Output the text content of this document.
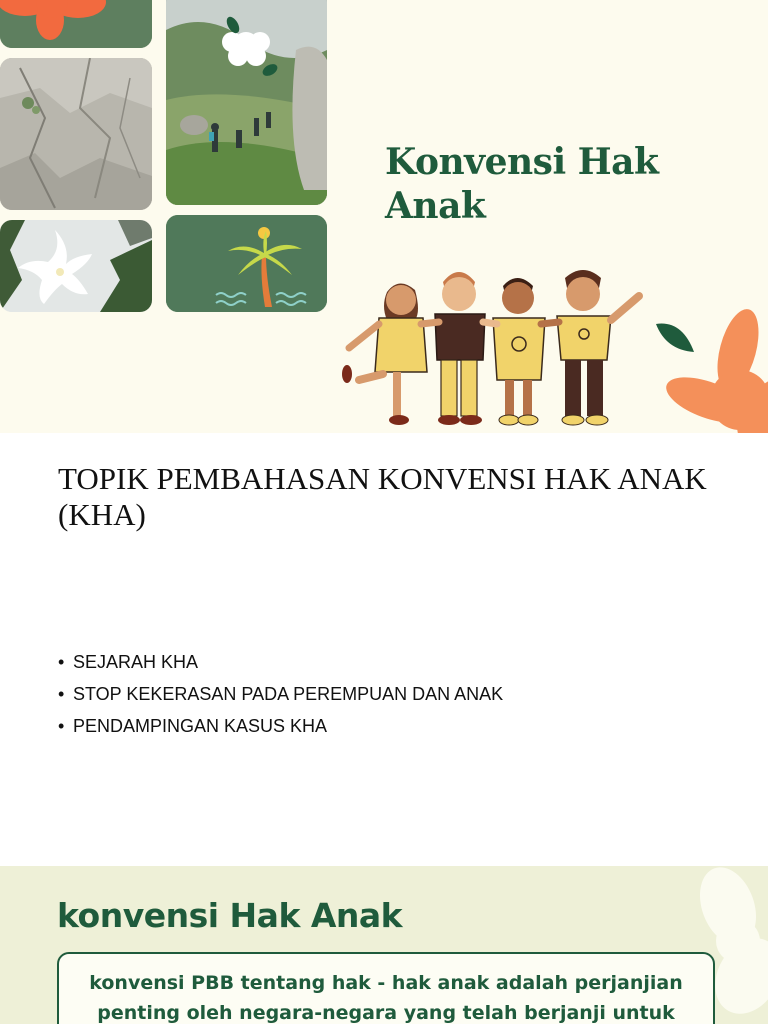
Konvensi Hak Anak
TOPIK PEMBAHASAN KONVENSI HAK ANAK (KHA)
• SEJARAH KHA
• STOP KEKERASAN PADA PEREMPUAN DAN ANAK
• PENDAMPINGAN KASUS KHA
konvensi Hak Anak

konvensi PBB tentang hak - hak anak adalah perjanjian penting oleh negara-negara yang telah berjanji untuk
